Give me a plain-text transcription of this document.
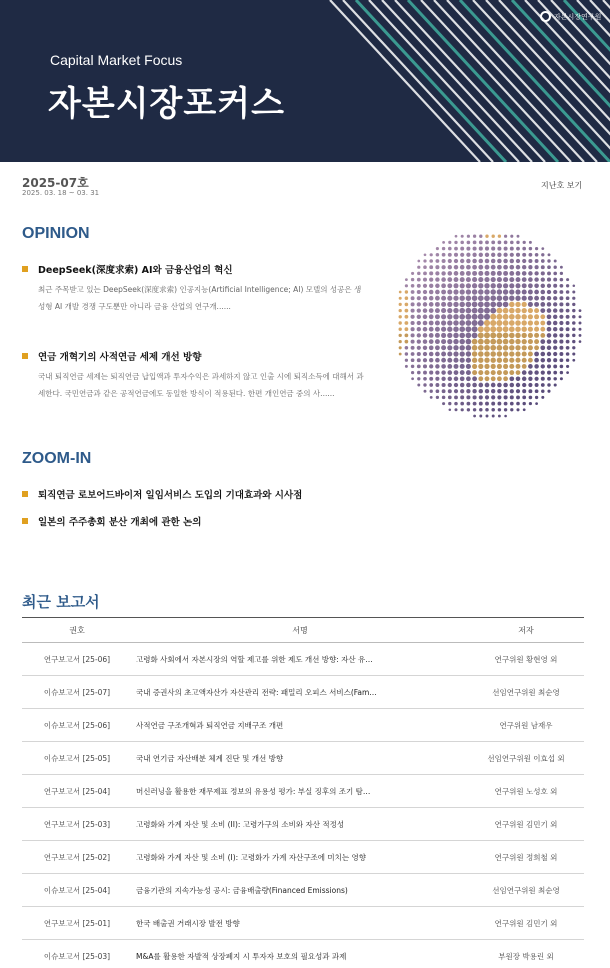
자본시장연구원
Capital Market Focus
자본시장포커스
2025-07호
2025. 03. 18 ~ 03. 31
지난호 보기
OPINION
DeepSeek(深度求索) AI와 금융산업의 혁신
최근 주목받고 있는 DeepSeek(深度求索) 인공지능(Artificial Intelligence; AI) 모델의 성공은 생성형 AI 개발 경쟁 구도뿐만 아니라 금융 산업의 연구개......
연금 개혁기의 사적연금 세제 개선 방향
국내 퇴직연금 세제는 퇴직연금 납입액과 투자수익은 과세하지 않고 인출 시에 퇴직소득에 대해서 과세한다. 국민연금과 같은 공적연금에도 동일한 방식이 적용된다. 한편 개인연금 중의 사......
ZOOM-IN
퇴직연금 로보어드바이저 일임서비스 도입의 기대효과와 시사점
일본의 주주총회 분산 개최에 관한 논의
최근 보고서
권호	서명	저자
연구보고서 [25-06]	고령화 사회에서 자본시장의 역할 제고를 위한 제도 개선 방향: 자산 유…	연구위원 황현영 외
이슈보고서 [25-07]	국내 증권사의 초고액자산가 자산관리 전략: 패밀리 오피스 서비스(Fam…	선임연구위원 최순영
이슈보고서 [25-06]	사적연금 구조개혁과 퇴직연금 지배구조 개편	연구위원 남재우
이슈보고서 [25-05]	국내 연기금 자산배분 체계 진단 및 개선 방향	선임연구위원 이효섭 외
연구보고서 [25-04]	머신러닝을 활용한 재무제표 정보의 유용성 평가: 부실 징후의 조기 탐…	연구위원 노성호 외
연구보고서 [25-03]	고령화와 가계 자산 및 소비 (II): 고령가구의 소비와 자산 적정성	연구위원 김민기 외
연구보고서 [25-02]	고령화와 가계 자산 및 소비 (I): 고령화가 가계 자산구조에 미치는 영향	연구위원 정희철 외
이슈보고서 [25-04]	금융기관의 지속가능성 공시: 금융배출량(Financed Emissions)	선임연구위원 최순영
연구보고서 [25-01]	한국 배출권 거래시장 발전 방향	연구위원 김민기 외
이슈보고서 [25-03]	M&A를 활용한 자발적 상장폐지 시 투자자 보호의 필요성과 과제	부원장 박용린 외
